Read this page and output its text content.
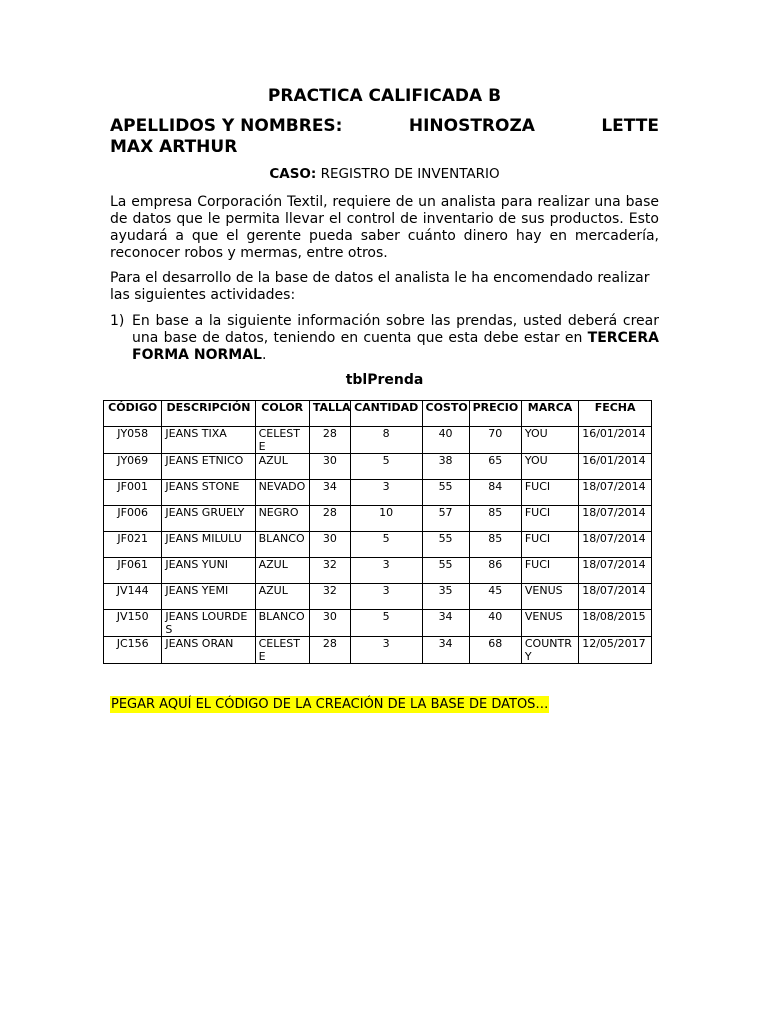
PRACTICA CALIFICADA B
APELLIDOS Y NOMBRES:	HINOSTROZA	LETTE
MAX ARTHUR
CASO: REGISTRO DE INVENTARIO

La empresa Corporación Textil, requiere de un analista para realizar una base de datos que le permita llevar el control de inventario de sus productos. Esto ayudará a que el gerente pueda saber cuánto dinero hay en mercadería, reconocer robos y mermas, entre otros.

Para el desarrollo de la base de datos el analista le ha encomendado realizar las siguientes actividades:

1) En base a la siguiente información sobre las prendas, usted deberá crear una base de datos, teniendo en cuenta que esta debe estar en TERCERA FORMA NORMAL.
tblPrenda
CÓDIGO	DESCRIPCIÓN	COLOR	TALLA	CANTIDAD	COSTO	PRECIO	MARCA	FECHA
JY058	JEANS TIXA	CELESTE	28	8	40	70	YOU	16/01/2014
JY069	JEANS ETNICO	AZUL	30	5	38	65	YOU	16/01/2014
JF001	JEANS STONE	NEVADO	34	3	55	84	FUCI	18/07/2014
JF006	JEANS GRUELY	NEGRO	28	10	57	85	FUCI	18/07/2014
JF021	JEANS MILULU	BLANCO	30	5	55	85	FUCI	18/07/2014
JF061	JEANS YUNI	AZUL	32	3	55	86	FUCI	18/07/2014
JV144	JEANS YEMI	AZUL	32	3	35	45	VENUS	18/07/2014
JV150	JEANS LOURDES	BLANCO	30	5	34	40	VENUS	18/08/2015
JC156	JEANS ORAN	CELESTE	28	3	34	68	COUNTRY	12/05/2017

PEGAR AQUÍ EL CÓDIGO DE LA CREACIÓN DE LA BASE DE DATOS…
